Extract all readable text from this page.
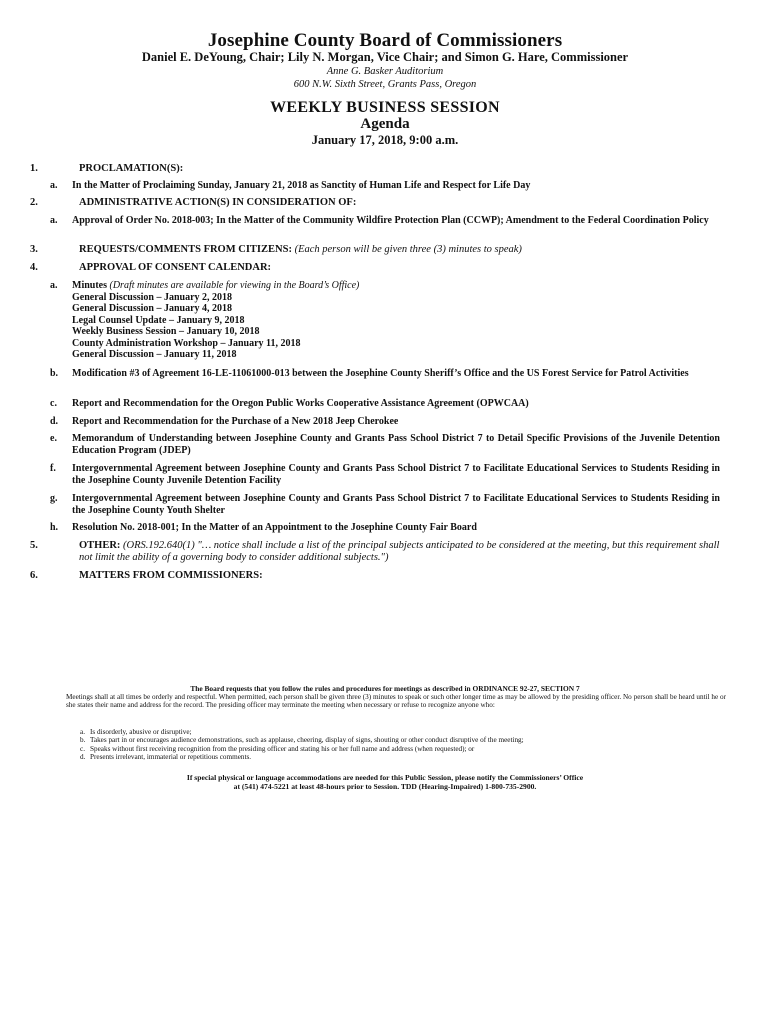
Josephine County Board of Commissioners
Daniel E. DeYoung, Chair; Lily N. Morgan, Vice Chair; and Simon G. Hare, Commissioner
Anne G. Basker Auditorium
600 N.W. Sixth Street, Grants Pass, Oregon
WEEKLY BUSINESS SESSION
Agenda
January 17, 2018, 9:00 a.m.
1.	PROCLAMATION(S):
a.	In the Matter of Proclaiming Sunday, January 21, 2018 as Sanctity of Human Life and Respect for Life Day
2.	ADMINISTRATIVE ACTION(S) IN CONSIDERATION OF:
a.	Approval of Order No. 2018-003; In the Matter of the Community Wildfire Protection Plan (CCWP); Amendment to the Federal Coordination Policy
3.	REQUESTS/COMMENTS FROM CITIZENS: (Each person will be given three (3) minutes to speak)
4.	APPROVAL OF CONSENT CALENDAR:
a.	Minutes (Draft minutes are available for viewing in the Board’s Office)
General Discussion – January 2, 2018
General Discussion – January 4, 2018
Legal Counsel Update – January 9, 2018
Weekly Business Session – January 10, 2018
County Administration Workshop – January 11, 2018
General Discussion – January 11, 2018
b.	Modification #3 of Agreement 16-LE-11061000-013 between the Josephine County Sheriff’s Office and the US Forest Service for Patrol Activities
c.	Report and Recommendation for the Oregon Public Works Cooperative Assistance Agreement (OPWCAA)
d.	Report and Recommendation for the Purchase of a New 2018 Jeep Cherokee
e.	Memorandum of Understanding between Josephine County and Grants Pass School District 7 to Detail Specific Provisions of the Juvenile Detention Education Program (JDEP)
f.	Intergovernmental Agreement between Josephine County and Grants Pass School District 7 to Facilitate Educational Services to Students Residing in the Josephine County Juvenile Detention Facility
g.	Intergovernmental Agreement between Josephine County and Grants Pass School District 7 to Facilitate Educational Services to Students Residing in the Josephine County Youth Shelter
h.	Resolution No. 2018-001; In the Matter of an Appointment to the Josephine County Fair Board
5.	OTHER: (ORS.192.640(1) "… notice shall include a list of the principal subjects anticipated to be considered at the meeting, but this requirement shall not limit the ability of a governing body to consider additional subjects.")
6.	MATTERS FROM COMMISSIONERS:
The Board requests that you follow the rules and procedures for meetings as described in ORDINANCE 92-27, SECTION 7
Meetings shall at all times be orderly and respectful. When permitted, each person shall be given three (3) minutes to speak or such other longer time as may be allowed by the presiding officer. No person shall be heard until he or she states their name and address for the record. The presiding officer may terminate the meeting when necessary or refuse to recognize anyone who:
a. Is disorderly, abusive or disruptive;
b. Takes part in or encourages audience demonstrations, such as applause, cheering, display of signs, shouting or other conduct disruptive of the meeting;
c. Speaks without first receiving recognition from the presiding officer and stating his or her full name and address (when requested); or
d. Presents irrelevant, immaterial or repetitious comments.
If special physical or language accommodations are needed for this Public Session, please notify the Commissioners’ Office
at (541) 474-5221 at least 48-hours prior to Session. TDD (Hearing-Impaired) 1-800-735-2900.
